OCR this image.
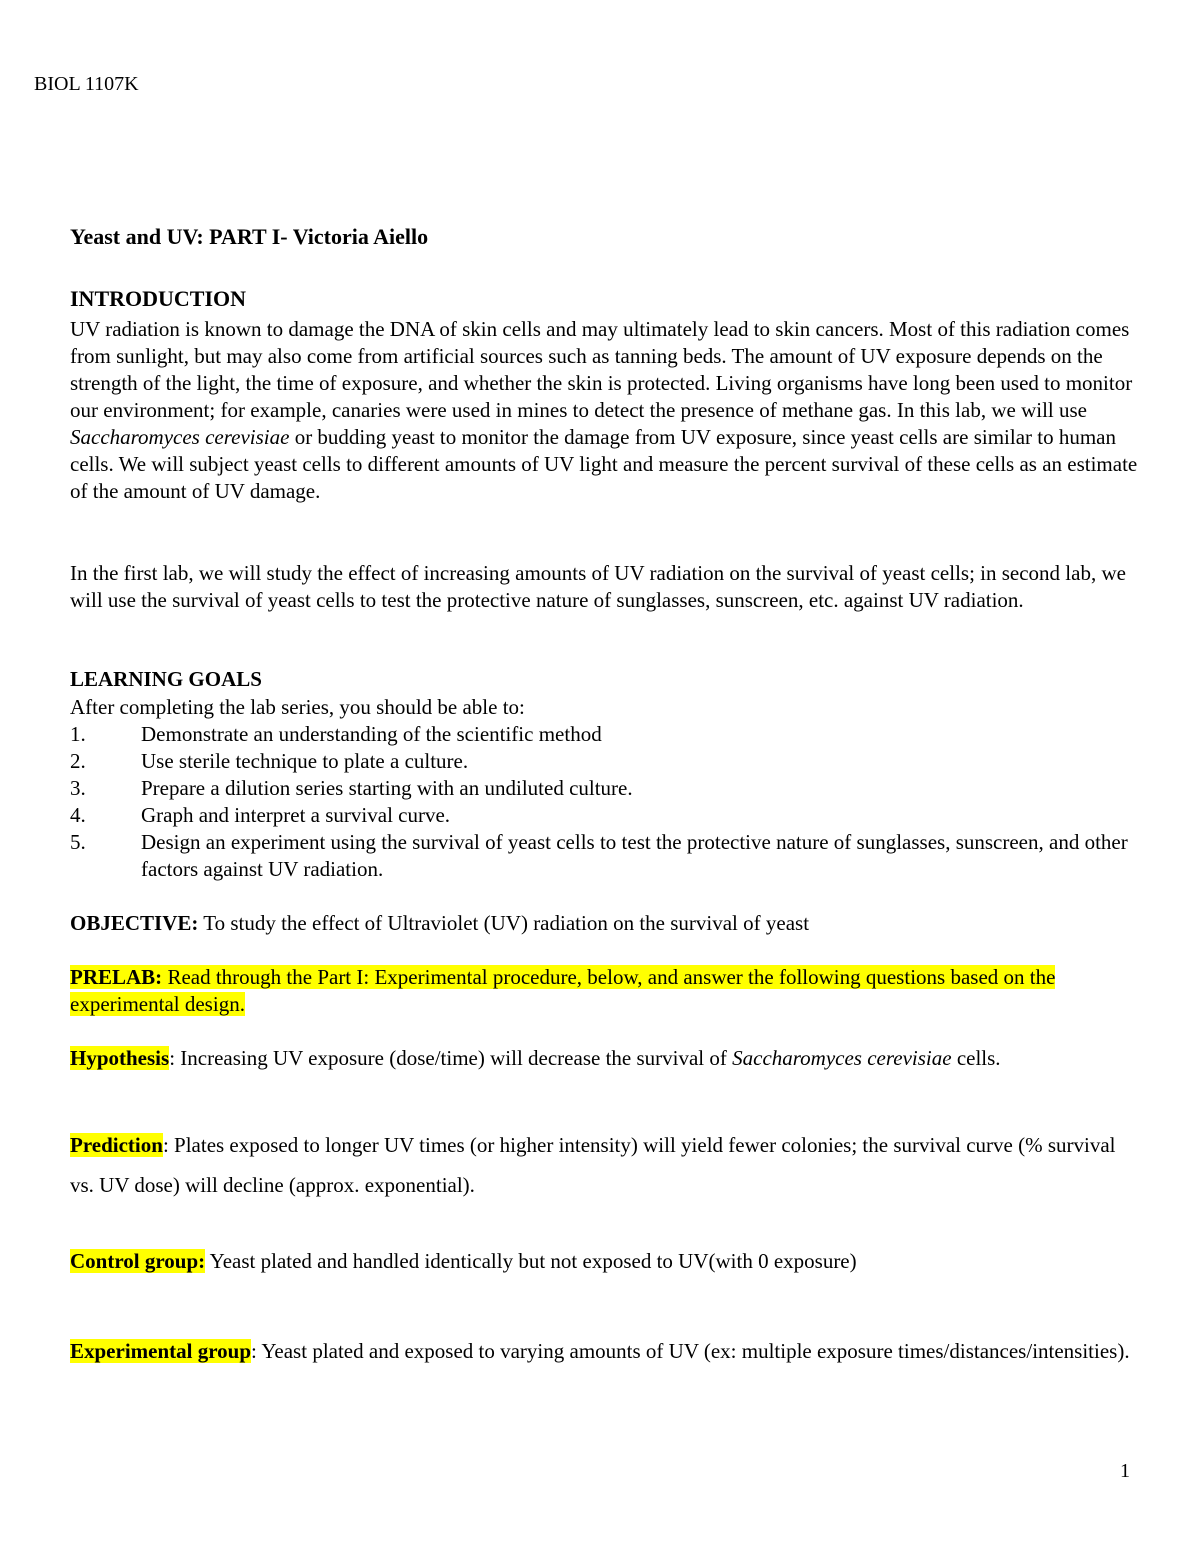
BIOL 1107K
Yeast and UV: PART I- Victoria Aiello
INTRODUCTION
UV radiation is known to damage the DNA of skin cells and may ultimately lead to skin cancers. Most of this radiation comes from sunlight, but may also come from artificial sources such as tanning beds. The amount of UV exposure depends on the strength of the light, the time of exposure, and whether the skin is protected. Living organisms have long been used to monitor our environment; for example, canaries were used in mines to detect the presence of methane gas. In this lab, we will use Saccharomyces cerevisiae or budding yeast to monitor the damage from UV exposure, since yeast cells are similar to human cells. We will subject yeast cells to different amounts of UV light and measure the percent survival of these cells as an estimate of the amount of UV damage.
In the first lab, we will study the effect of increasing amounts of UV radiation on the survival of yeast cells; in second lab, we will use the survival of yeast cells to test the protective nature of sunglasses, sunscreen, etc. against UV radiation.
LEARNING GOALS
After completing the lab series, you should be able to:
1.	Demonstrate an understanding of the scientific method
2.	Use sterile technique to plate a culture.
3.	Prepare a dilution series starting with an undiluted culture.
4.	Graph and interpret a survival curve.
5.	Design an experiment using the survival of yeast cells to test the protective nature of sunglasses, sunscreen, and other factors against UV radiation.
OBJECTIVE: To study the effect of Ultraviolet (UV) radiation on the survival of yeast
PRELAB: Read through the Part I: Experimental procedure, below, and answer the following questions based on the experimental design.
Hypothesis: Increasing UV exposure (dose/time) will decrease the survival of Saccharomyces cerevisiae cells.
Prediction: Plates exposed to longer UV times (or higher intensity) will yield fewer colonies; the survival curve (% survival vs. UV dose) will decline (approx. exponential).
Control group: Yeast plated and handled identically but not exposed to UV(with 0 exposure)
Experimental group: Yeast plated and exposed to varying amounts of UV (ex: multiple exposure times/distances/intensities).
1
